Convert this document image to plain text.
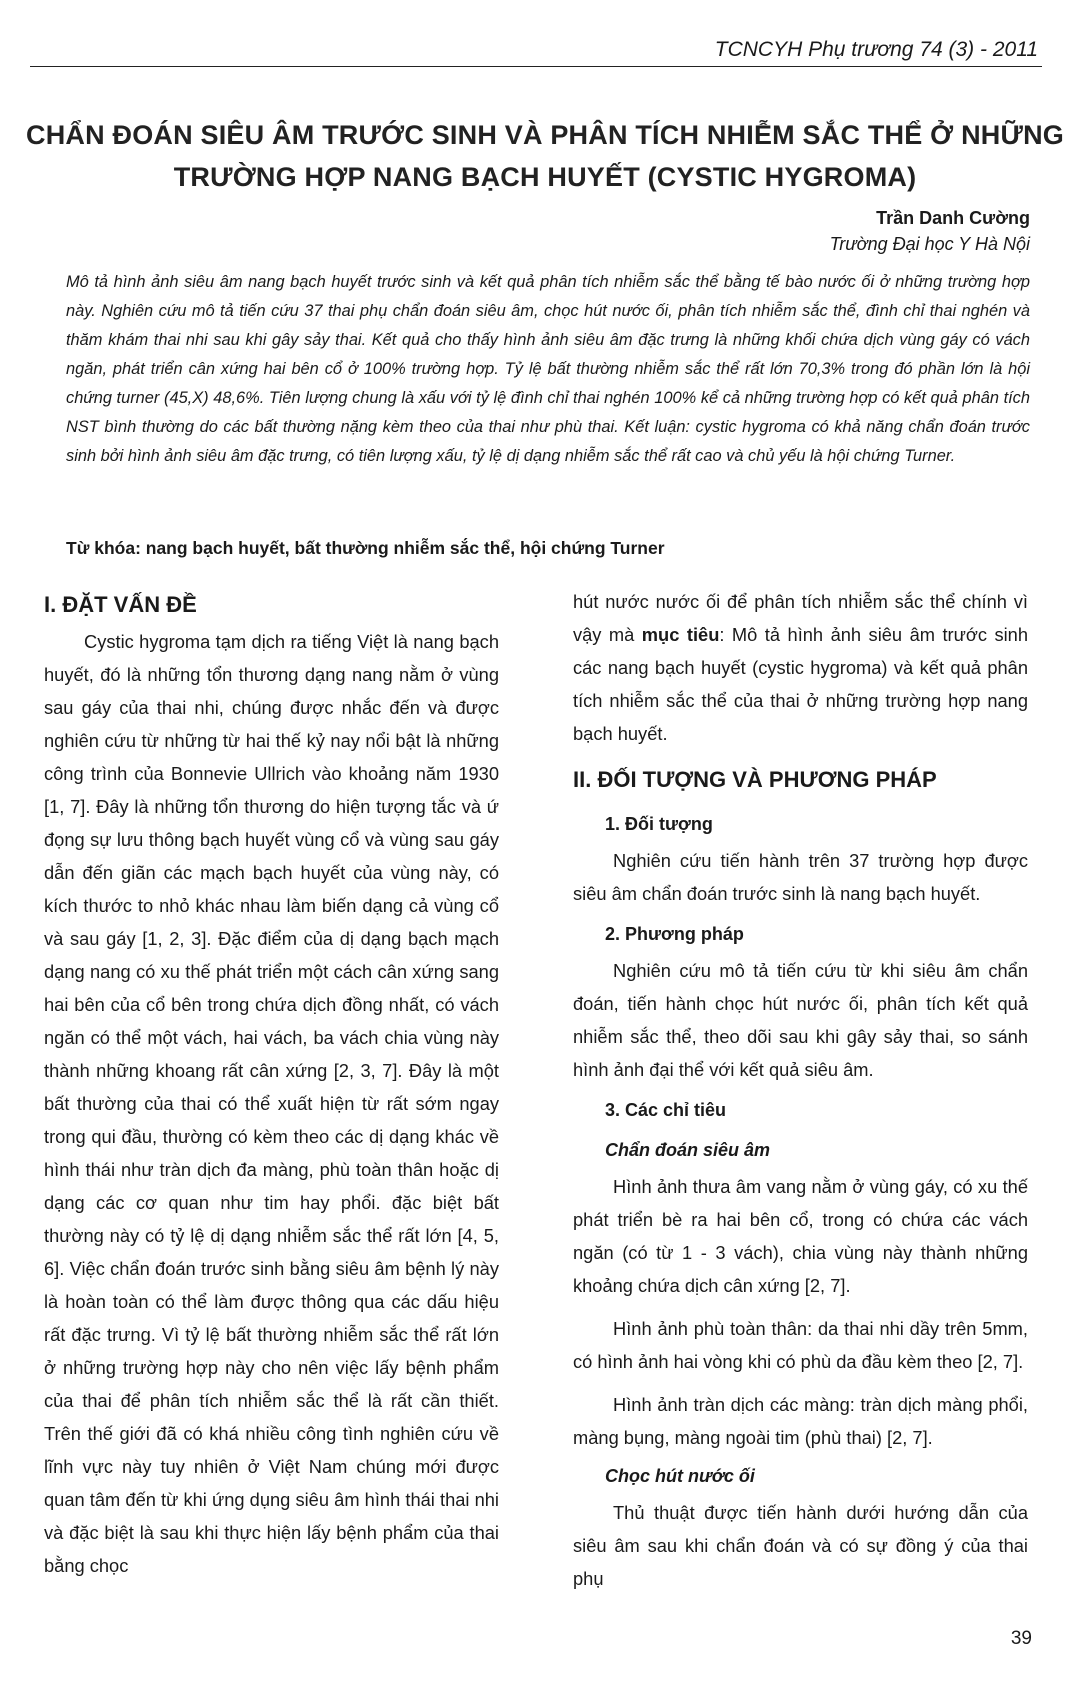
TCNCYH Phụ trương 74 (3) - 2011
CHẨN ĐOÁN SIÊU ÂM TRƯỚC SINH VÀ PHÂN TÍCH NHIỄM SẮC THỂ Ở NHỮNG TRƯỜNG HỢP NANG BẠCH HUYẾT (CYSTIC HYGROMA)
Trần Danh Cường
Trường Đại học Y Hà Nội

Mô tả hình ảnh siêu âm nang bạch huyết trước sinh và kết quả phân tích nhiễm sắc thể bằng tế bào nước ối ở những trường hợp này. Nghiên cứu mô tả tiến cứu 37 thai phụ chẩn đoán siêu âm, chọc hút nước ối, phân tích nhiễm sắc thể, đình chỉ thai nghén và thăm khám thai nhi sau khi gây sảy thai. Kết quả cho thấy hình ảnh siêu âm đặc trưng là những khối chứa dịch vùng gáy có vách ngăn, phát triển cân xứng hai bên cổ ở 100% trường hợp. Tỷ lệ bất thường nhiễm sắc thể rất lớn 70,3% trong đó phần lớn là hội chứng turner (45,X) 48,6%. Tiên lượng chung là xấu với tỷ lệ đình chỉ thai nghén 100% kể cả những trường hợp có kết quả phân tích NST bình thường do các bất thường nặng kèm theo của thai như phù thai. Kết luận: cystic hygroma có khả năng chẩn đoán trước sinh bởi hình ảnh siêu âm đặc trưng, có tiên lượng xấu, tỷ lệ dị dạng nhiễm sắc thể rất cao và chủ yếu là hội chứng Turner.

Từ khóa: nang bạch huyết, bất thường nhiễm sắc thể, hội chứng Turner
I. ĐẶT VẤN ĐỀ

Cystic hygroma tạm dịch ra tiếng Việt là nang bạch huyết, đó là những tổn thương dạng nang nằm ở vùng sau gáy của thai nhi, chúng được nhắc đến và được nghiên cứu từ những từ hai thế kỷ nay nổi bật là những công trình của Bonnevie Ullrich vào khoảng năm 1930 [1, 7]. Đây là những tổn thương do hiện tượng tắc và ứ đọng sự lưu thông bạch huyết vùng cổ và vùng sau gáy dẫn đến giãn các mạch bạch huyết của vùng này, có kích thước to nhỏ khác nhau làm biến dạng cả vùng cổ và sau gáy [1, 2, 3]. Đặc điểm của dị dạng bạch mạch dạng nang có xu thế phát triển một cách cân xứng sang hai bên của cổ bên trong chứa dịch đồng nhất, có vách ngăn có thể một vách, hai vách, ba vách chia vùng này thành những khoang rất cân xứng [2, 3, 7]. Đây là một bất thường của thai có thể xuất hiện từ rất sớm ngay trong qui đầu, thường có kèm theo các dị dạng khác về hình thái như tràn dịch đa màng, phù toàn thân hoặc dị dạng các cơ quan như tim hay phổi. đặc biệt bất thường này có tỷ lệ dị dạng nhiễm sắc thể rất lớn [4, 5, 6]. Việc chẩn đoán trước sinh bằng siêu âm bệnh lý này là hoàn toàn có thể làm được thông qua các dấu hiệu rất đặc trưng. Vì tỷ lệ bất thường nhiễm sắc thể rất lớn ở những trường hợp này cho nên việc lấy bệnh phẩm của thai để phân tích nhiễm sắc thể là rất cần thiết. Trên thế giới đã có khá nhiều công tình nghiên cứu về lĩnh vực này tuy nhiên ở Việt Nam chúng mới được quan tâm đến từ khi ứng dụng siêu âm hình thái thai nhi và đặc biệt là sau khi thực hiện lấy bệnh phẩm của thai bằng chọc

hút nước nước ối để phân tích nhiễm sắc thể chính vì vậy mà mục tiêu: Mô tả hình ảnh siêu âm trước sinh các nang bạch huyết (cystic hygroma) và kết quả phân tích nhiễm sắc thể của thai ở những trường hợp nang bạch huyết.

II. ĐỐI TƯỢNG VÀ PHƯƠNG PHÁP
1. Đối tượng

Nghiên cứu tiến hành trên 37 trường hợp được siêu âm chẩn đoán trước sinh là nang bạch huyết.

2. Phương pháp

Nghiên cứu mô tả tiến cứu từ khi siêu âm chẩn đoán, tiến hành chọc hút nước ối, phân tích kết quả nhiễm sắc thể, theo dõi sau khi gây sảy thai, so sánh hình ảnh đại thể với kết quả siêu âm.

3. Các chỉ tiêu
Chẩn đoán siêu âm

Hình ảnh thưa âm vang nằm ở vùng gáy, có xu thế phát triển bè ra hai bên cổ, trong có chứa các vách ngăn (có từ 1 - 3 vách), chia vùng này thành những khoảng chứa dịch cân xứng [2, 7].

Hình ảnh phù toàn thân: da thai nhi dầy trên 5mm, có hình ảnh hai vòng khi có phù da đầu kèm theo [2, 7].

Hình ảnh tràn dịch các màng: tràn dịch màng phổi, màng bụng, màng ngoài tim (phù thai) [2, 7].

Chọc hút nước ối

Thủ thuật được tiến hành dưới hướng dẫn của siêu âm sau khi chẩn đoán và có sự đồng ý của thai phụ

39
